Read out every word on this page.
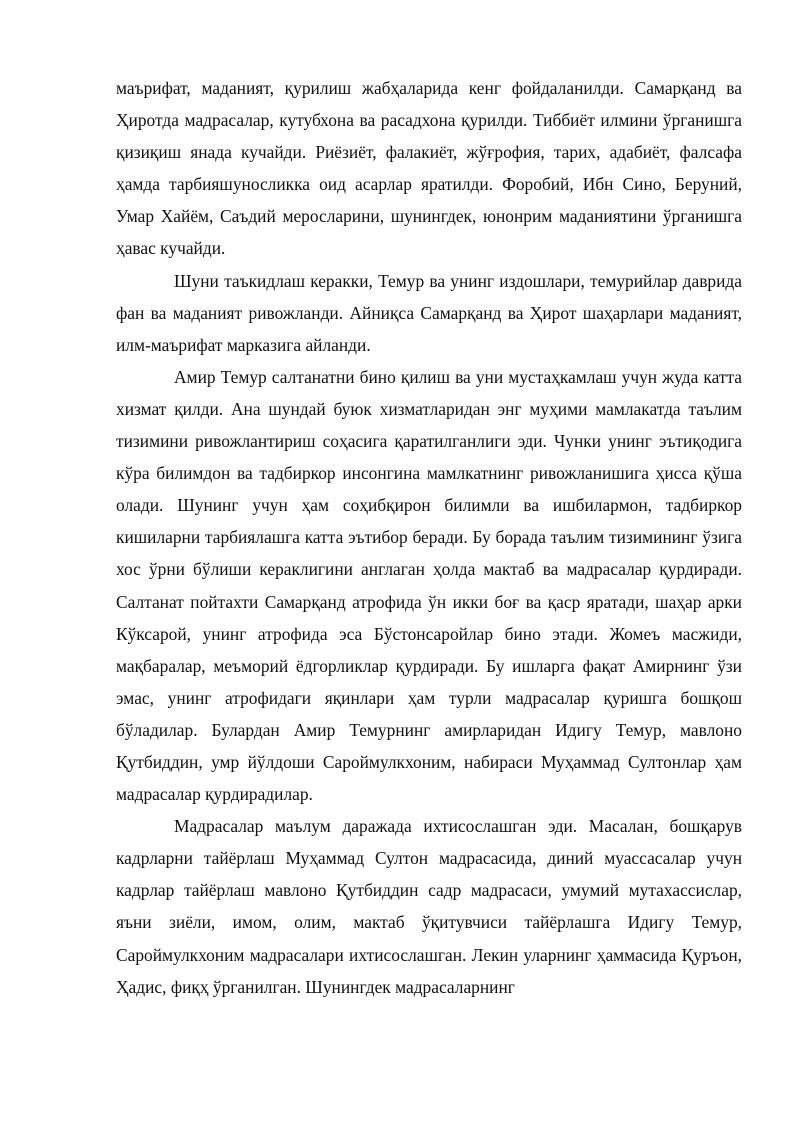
маърифат, маданият, қурилиш жабҳаларида кенг фойдаланилди. Самарқанд ва Ҳиротда мадрасалар, кутубхона ва расадхона қурилди. Тиббиёт илмини ўрганишга қизиқиш янада кучайди. Риёзиёт, фалакиёт, жўғрофия, тарих, адабиёт, фалсафа ҳамда тарбияшуносликка оид асарлар яратилди. Форобий, Ибн Сино, Беруний, Умар Хайём, Саъдий меросларини, шунингдек, юнонрим маданиятини ўрганишга ҳавас кучайди.

Шуни таъкидлаш керакки, Темур ва унинг издошлари, темурийлар даврида фан ва маданият ривожланди. Айниқса Самарқанд ва Ҳирот шаҳарлари маданият, илм-маърифат марказига айланди.

Амир Темур салтанатни бино қилиш ва уни мустаҳкамлаш учун жуда катта хизмат қилди. Ана шундай буюк хизматларидан энг муҳими мамлакатда таълим тизимини ривожлантириш соҳасига қаратилганлиги эди. Чунки унинг эътиқодига кўра билимдон ва тадбиркор инсонгина мамлкатнинг ривожланишига ҳисса қўша олади. Шунинг учун ҳам соҳибқирон билимли ва ишбилармон, тадбиркор кишиларни тарбиялашга катта эътибор беради. Бу борада таълим тизимининг ўзига хос ўрни бўлиши кераклигини англаган ҳолда мактаб ва мадрасалар қурдиради. Салтанат пойтахти Самарқанд атрофида ўн икки боғ ва қаср яратади, шаҳар арки Кўксарой, унинг атрофида эса Бўстонсаройлар бино этади. Жомеъ масжиди, мақбаралар, меъморий ёдгорликлар қурдиради. Бу ишларга фақат Амирнинг ўзи эмас, унинг атрофидаги яқинлари ҳам турли мадрасалар қуришга бошқош бўладилар. Булардан Амир Темурнинг амирларидан Идигу Темур, мавлоно Қутбиддин, умр йўлдоши Сароймулкхоним, набираси Муҳаммад Султонлар ҳам мадрасалар қурдирадилар.

Мадрасалар маълум даражада ихтисослашган эди. Масалан, бошқарув кадрларни тайёрлаш Муҳаммад Султон мадрасасида, диний муассасалар учун кадрлар тайёрлаш мавлоно Қутбиддин садр мадрасаси, умумий мутахассислар, яъни зиёли, имом, олим, мактаб ўқитувчиси тайёрлашга Идигу Темур, Сароймулкхоним мадрасалари ихтисослашган. Лекин уларнинг ҳаммасида Қуръон, Ҳадис, фиқҳ ўрганилган. Шунингдек мадрасаларнинг
